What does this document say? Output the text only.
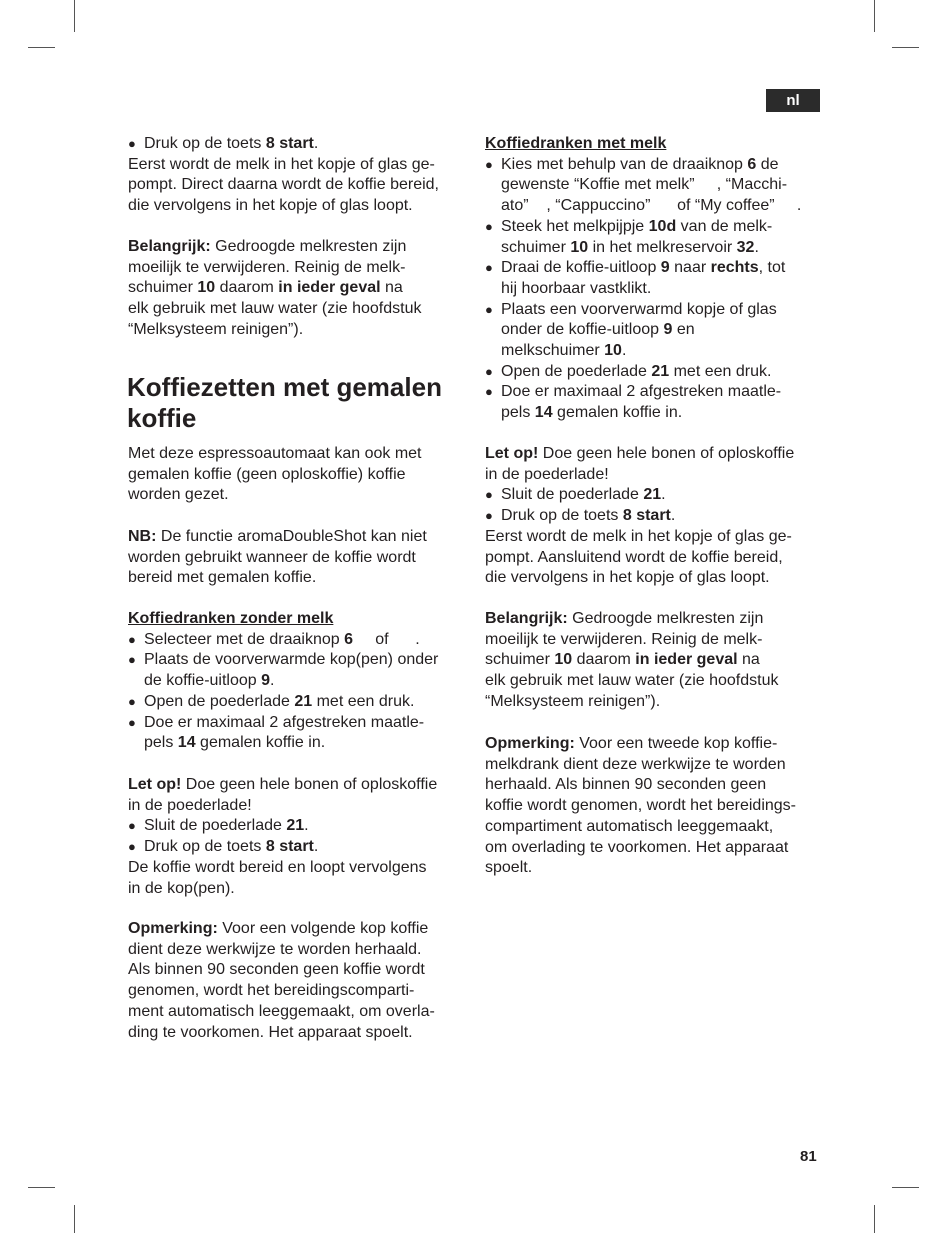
nl
Koffiezetten met gemalen
koffie
● Druk op de toets 8 start.
Eerst wordt de melk in het kopje of glas ge-
pompt. Direct daarna wordt de koffie bereid,
die vervolgens in het kopje of glas loopt.
Belangrijk: Gedroogde melkresten zijn
moeilijk te verwijderen. Reinig de melk-
schuimer 10 daarom in ieder geval na
elk gebruik met lauw water (zie hoofdstuk
“Melksysteem reinigen”).
Met deze espressoautomaat kan ook met
gemalen koffie (geen oploskoffie) koffie
worden gezet.
NB: De functie aromaDoubleShot kan niet
worden gebruikt wanneer de koffie wordt
bereid met gemalen koffie.
Koffiedranken zonder melk
● Selecteer met de draaiknop 6     of      .
● Plaats de voorverwarmde kop(pen) onder
de koffie-uitloop 9.
● Open de poederlade 21 met een druk.
● Doe er maximaal 2 afgestreken maatle-
pels 14 gemalen koffie in.
Let op! Doe geen hele bonen of oploskoffie
in de poederlade!
● Sluit de poederlade 21.
● Druk op de toets 8 start.
De koffie wordt bereid en loopt vervolgens
in de kop(pen).
Opmerking: Voor een volgende kop koffie
dient deze werkwijze te worden herhaald.
Als binnen 90 seconden geen koffie wordt
genomen, wordt het bereidingscomparti-
ment automatisch leeggemaakt, om overla-
ding te voorkomen. Het apparaat spoelt.
Koffiedranken met melk
● Kies met behulp van de draaiknop 6 de
gewenste “Koffie met melk”     , “Macchi-
ato”    , “Cappuccino”      of “My coffee”     .
● Steek het melkpijpje 10d van de melk-
schuimer 10 in het melkreservoir 32.
● Draai de koffie-uitloop 9 naar rechts, tot
hij hoorbaar vastklikt.
● Plaats een voorverwarmd kopje of glas
onder de koffie-uitloop 9 en
melkschuimer 10.
● Open de poederlade 21 met een druk.
● Doe er maximaal 2 afgestreken maatle-
pels 14 gemalen koffie in.
Let op! Doe geen hele bonen of oploskoffie
in de poederlade!
● Sluit de poederlade 21.
● Druk op de toets 8 start.
Eerst wordt de melk in het kopje of glas ge-
pompt. Aansluitend wordt de koffie bereid,
die vervolgens in het kopje of glas loopt.
Belangrijk: Gedroogde melkresten zijn
moeilijk te verwijderen. Reinig de melk-
schuimer 10 daarom in ieder geval na
elk gebruik met lauw water (zie hoofdstuk
“Melksysteem reinigen”).
Opmerking: Voor een tweede kop koffie-
melkdrank dient deze werkwijze te worden
herhaald. Als binnen 90 seconden geen
koffie wordt genomen, wordt het bereidings-
compartiment automatisch leeggemaakt,
om overlading te voorkomen. Het apparaat
spoelt.
81
